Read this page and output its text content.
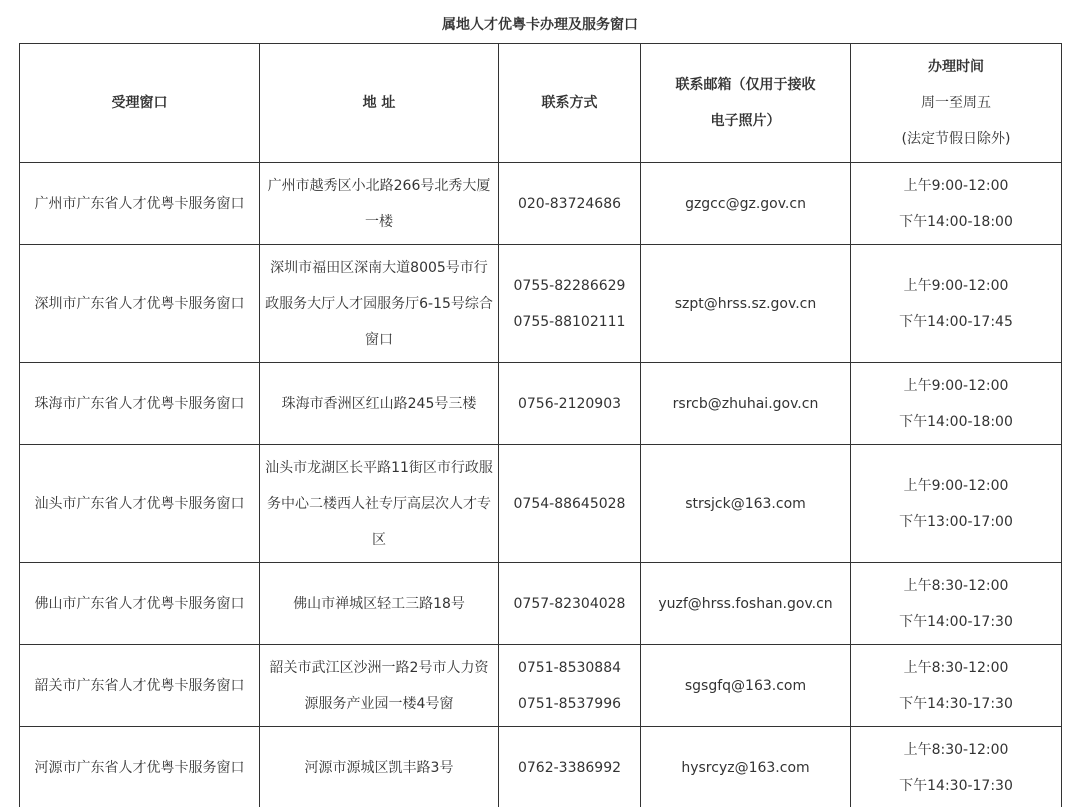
属地人才优粤卡办理及服务窗口
受理窗口	地 址	联系方式	联系邮箱（仅用于接收
电子照片）	办理时间
周一至周五
(法定节假日除外)

广州市广东省人才优粤卡服务窗口	广州市越秀区小北路266号北秀大厦一楼	020-83724686	gzgcc@gz.gov.cn	上午9:00-12:00
下午14:00-18:00

深圳市广东省人才优粤卡服务窗口	深圳市福田区深南大道8005号市行政服务大厅人才园服务厅6-15号综合窗口	0755-82286629
0755-88102111	szpt@hrss.sz.gov.cn	上午9:00-12:00
下午14:00-17:45

珠海市广东省人才优粤卡服务窗口	珠海市香洲区红山路245号三楼	0756-2120903	rsrcb@zhuhai.gov.cn	上午9:00-12:00
下午14:00-18:00

汕头市广东省人才优粤卡服务窗口	汕头市龙湖区长平路11街区市行政服务中心二楼西人社专厅高层次人才专区	0754-88645028	strsjck@163.com	上午9:00-12:00
下午13:00-17:00

佛山市广东省人才优粤卡服务窗口	佛山市禅城区轻工三路18号	0757-82304028	yuzf@hrss.foshan.gov.cn	上午8:30-12:00
下午14:00-17:30

韶关市广东省人才优粤卡服务窗口	韶关市武江区沙洲一路2号市人力资源服务产业园一楼4号窗	0751-8530884
0751-8537996	sgsgfq@163.com	上午8:30-12:00
下午14:30-17:30

河源市广东省人才优粤卡服务窗口	河源市源城区凯丰路3号	0762-3386992	hysrcyz@163.com	上午8:30-12:00
下午14:30-17:30
